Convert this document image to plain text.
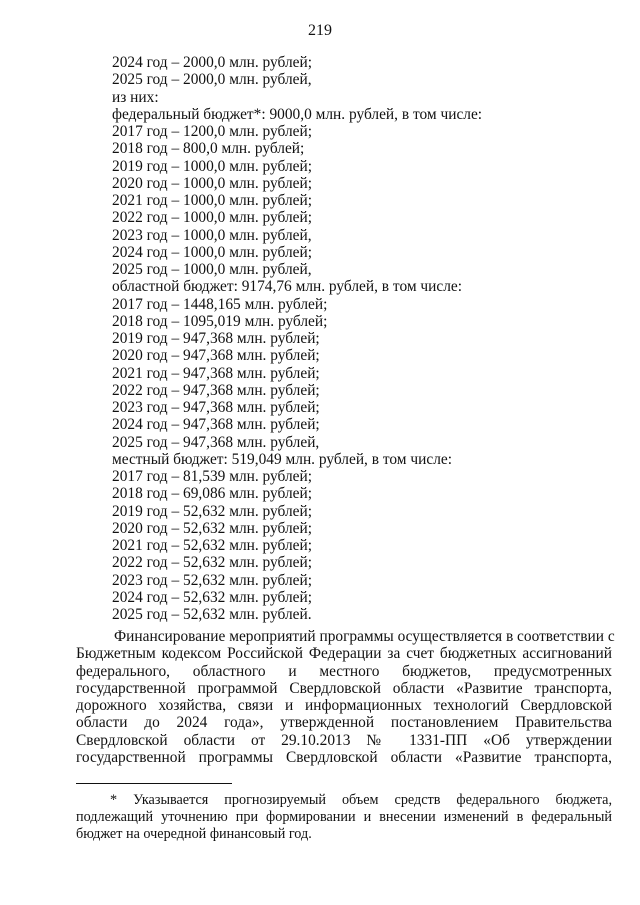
219
2024 год – 2000,0 млн. рублей;
2025 год – 2000,0 млн. рублей,
из них:
федеральный бюджет*: 9000,0 млн. рублей, в том числе:
2017 год – 1200,0 млн. рублей;
2018 год – 800,0 млн. рублей;
2019 год – 1000,0 млн. рублей;
2020 год – 1000,0 млн. рублей;
2021 год – 1000,0 млн. рублей;
2022 год – 1000,0 млн. рублей;
2023 год – 1000,0 млн. рублей,
2024 год – 1000,0 млн. рублей;
2025 год – 1000,0 млн. рублей,
областной бюджет: 9174,76 млн. рублей, в том числе:
2017 год – 1448,165 млн. рублей;
2018 год – 1095,019 млн. рублей;
2019 год – 947,368 млн. рублей;
2020 год – 947,368 млн. рублей;
2021 год – 947,368 млн. рублей;
2022 год – 947,368 млн. рублей;
2023 год – 947,368 млн. рублей;
2024 год – 947,368 млн. рублей;
2025 год – 947,368 млн. рублей,
местный бюджет: 519,049 млн. рублей, в том числе:
2017 год – 81,539 млн. рублей;
2018 год – 69,086 млн. рублей;
2019 год – 52,632 млн. рублей;
2020 год – 52,632 млн. рублей;
2021 год – 52,632 млн. рублей;
2022 год – 52,632 млн. рублей;
2023 год – 52,632 млн. рублей;
2024 год – 52,632 млн. рублей;
2025 год – 52,632 млн. рублей.
Финансирование мероприятий программы осуществляется в соответствии с
Бюджетным кодексом Российской Федерации за счет бюджетных ассигнований
федерального, областного и местного бюджетов, предусмотренных
государственной программой Свердловской области «Развитие транспорта,
дорожного хозяйства, связи и информационных технологий Свердловской
области до 2024 года», утвержденной постановлением Правительства
Свердловской области от 29.10.2013 № 1331-ПП «Об утверждении
государственной программы Свердловской области «Развитие транспорта,
* Указывается прогнозируемый объем средств федерального бюджета,
подлежащий уточнению при формировании и внесении изменений в федеральный
бюджет на очередной финансовый год.
